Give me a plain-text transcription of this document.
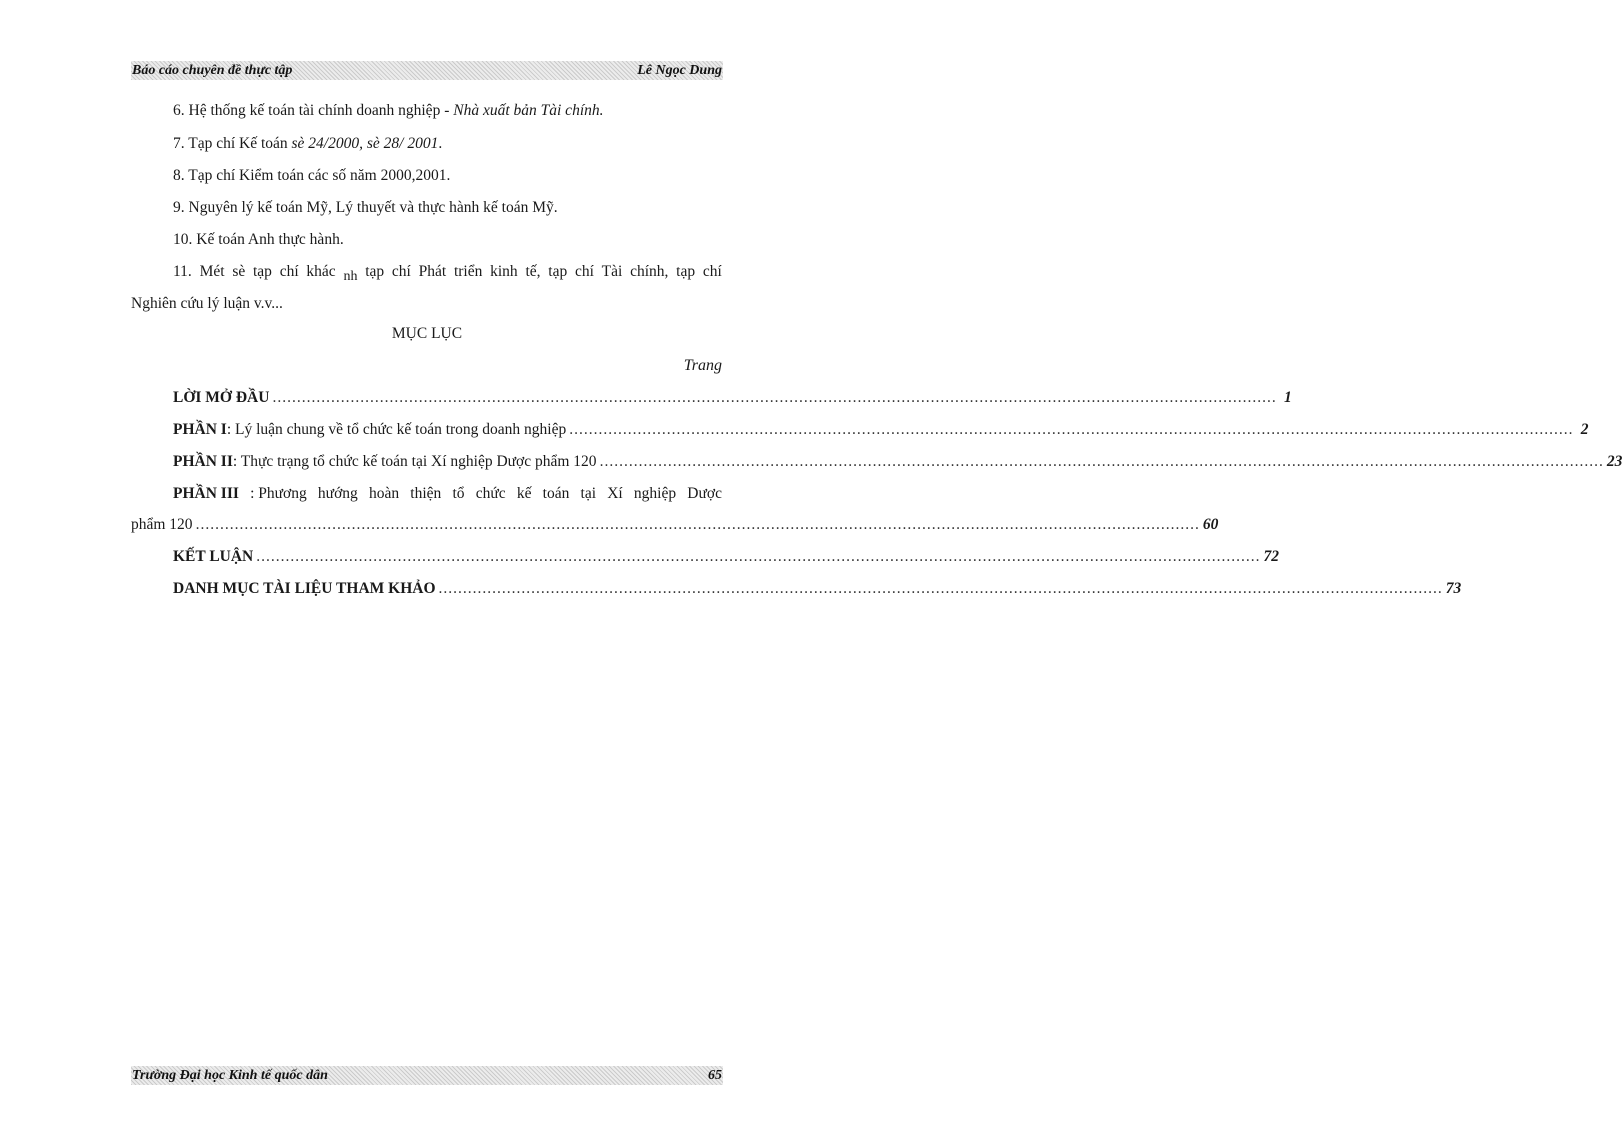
Báo cáo chuyên đề thực tập	Lê Ngọc Dung
6. Hệ thống kế toán tài chính doanh nghiệp - Nhà xuất bản Tài chính.
7. Tạp chí Kế toán sè 24/2000, sè 28/ 2001.
8. Tạp chí Kiểm toán các số năm 2000,2001.
9. Nguyên lý kế toán Mỹ, Lý thuyết và thực hành kế toán Mỹ.
10. Kế toán Anh thực hành.
11. Mét sè tạp chí khác nh tạp chí Phát triển kinh tế, tạp chí Tài chính, tạp chí
Nghiên cứu lý luận v.v...
MỤC LỤC
Trang
LỜI MỞ ĐẦU .............................................................................................................................................................................................................. 1
PHẦN I : Lý luận chung về tổ chức kế toán trong doanh nghiệp .............................................................................................................................................................................................................. 2
PHẦN II : Thực trạng tổ chức kế toán tại Xí nghiệp Dược phẩm 120 .............................................................................................................................................................................................................. 23
PHẦN III : Phương hướng hoàn thiện tổ chức kế toán tại Xí nghiệp Dược
phẩm 120 .............................................................................................................................................................................................................. 60
KẾT LUẬN .............................................................................................................................................................................................................. 72
DANH MỤC TÀI LIỆU THAM KHẢO .............................................................................................................................................................................................................. 73
Trường Đại học Kinh tế quốc dân	65
